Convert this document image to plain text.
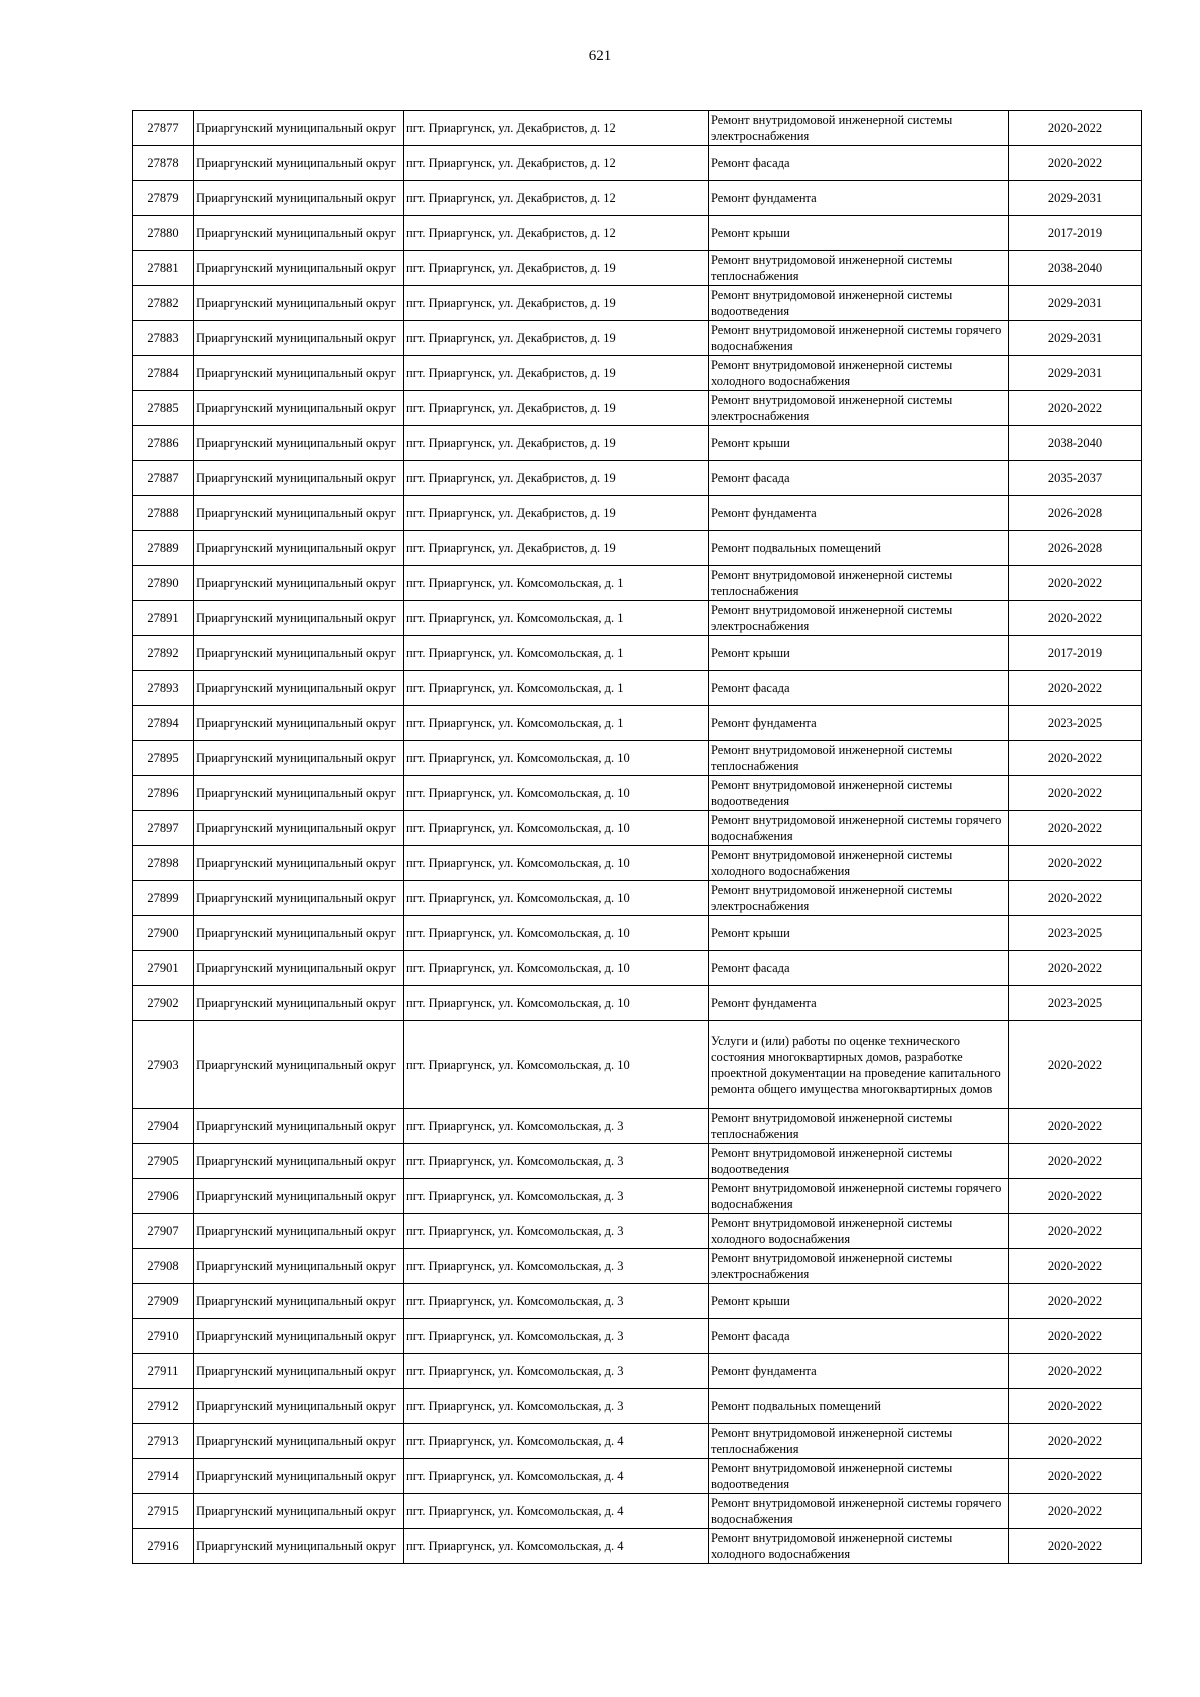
621
27877	Приаргунский муниципальный округ	пгт. Приаргунск, ул. Декабристов, д. 12	Ремонт внутридомовой инженерной системы электроснабжения	2020-2022
27878	Приаргунский муниципальный округ	пгт. Приаргунск, ул. Декабристов, д. 12	Ремонт фасада	2020-2022
27879	Приаргунский муниципальный округ	пгт. Приаргунск, ул. Декабристов, д. 12	Ремонт фундамента	2029-2031
27880	Приаргунский муниципальный округ	пгт. Приаргунск, ул. Декабристов, д. 12	Ремонт крыши	2017-2019
27881	Приаргунский муниципальный округ	пгт. Приаргунск, ул. Декабристов, д. 19	Ремонт внутридомовой инженерной системы теплоснабжения	2038-2040
27882	Приаргунский муниципальный округ	пгт. Приаргунск, ул. Декабристов, д. 19	Ремонт внутридомовой инженерной системы водоотведения	2029-2031
27883	Приаргунский муниципальный округ	пгт. Приаргунск, ул. Декабристов, д. 19	Ремонт внутридомовой инженерной системы горячего водоснабжения	2029-2031
27884	Приаргунский муниципальный округ	пгт. Приаргунск, ул. Декабристов, д. 19	Ремонт внутридомовой инженерной системы холодного водоснабжения	2029-2031
27885	Приаргунский муниципальный округ	пгт. Приаргунск, ул. Декабристов, д. 19	Ремонт внутридомовой инженерной системы электроснабжения	2020-2022
27886	Приаргунский муниципальный округ	пгт. Приаргунск, ул. Декабристов, д. 19	Ремонт крыши	2038-2040
27887	Приаргунский муниципальный округ	пгт. Приаргунск, ул. Декабристов, д. 19	Ремонт фасада	2035-2037
27888	Приаргунский муниципальный округ	пгт. Приаргунск, ул. Декабристов, д. 19	Ремонт фундамента	2026-2028
27889	Приаргунский муниципальный округ	пгт. Приаргунск, ул. Декабристов, д. 19	Ремонт подвальных помещений	2026-2028
27890	Приаргунский муниципальный округ	пгт. Приаргунск, ул. Комсомольская, д. 1	Ремонт внутридомовой инженерной системы теплоснабжения	2020-2022
27891	Приаргунский муниципальный округ	пгт. Приаргунск, ул. Комсомольская, д. 1	Ремонт внутридомовой инженерной системы электроснабжения	2020-2022
27892	Приаргунский муниципальный округ	пгт. Приаргунск, ул. Комсомольская, д. 1	Ремонт крыши	2017-2019
27893	Приаргунский муниципальный округ	пгт. Приаргунск, ул. Комсомольская, д. 1	Ремонт фасада	2020-2022
27894	Приаргунский муниципальный округ	пгт. Приаргунск, ул. Комсомольская, д. 1	Ремонт фундамента	2023-2025
27895	Приаргунский муниципальный округ	пгт. Приаргунск, ул. Комсомольская, д. 10	Ремонт внутридомовой инженерной системы теплоснабжения	2020-2022
27896	Приаргунский муниципальный округ	пгт. Приаргунск, ул. Комсомольская, д. 10	Ремонт внутридомовой инженерной системы водоотведения	2020-2022
27897	Приаргунский муниципальный округ	пгт. Приаргунск, ул. Комсомольская, д. 10	Ремонт внутридомовой инженерной системы горячего водоснабжения	2020-2022
27898	Приаргунский муниципальный округ	пгт. Приаргунск, ул. Комсомольская, д. 10	Ремонт внутридомовой инженерной системы холодного водоснабжения	2020-2022
27899	Приаргунский муниципальный округ	пгт. Приаргунск, ул. Комсомольская, д. 10	Ремонт внутридомовой инженерной системы электроснабжения	2020-2022
27900	Приаргунский муниципальный округ	пгт. Приаргунск, ул. Комсомольская, д. 10	Ремонт крыши	2023-2025
27901	Приаргунский муниципальный округ	пгт. Приаргунск, ул. Комсомольская, д. 10	Ремонт фасада	2020-2022
27902	Приаргунский муниципальный округ	пгт. Приаргунск, ул. Комсомольская, д. 10	Ремонт фундамента	2023-2025
27903	Приаргунский муниципальный округ	пгт. Приаргунск, ул. Комсомольская, д. 10	Услуги и (или) работы по оценке технического состояния многоквартирных домов, разработке проектной документации на проведение капитального ремонта общего имущества многоквартирных домов	2020-2022
27904	Приаргунский муниципальный округ	пгт. Приаргунск, ул. Комсомольская, д. 3	Ремонт внутридомовой инженерной системы теплоснабжения	2020-2022
27905	Приаргунский муниципальный округ	пгт. Приаргунск, ул. Комсомольская, д. 3	Ремонт внутридомовой инженерной системы водоотведения	2020-2022
27906	Приаргунский муниципальный округ	пгт. Приаргунск, ул. Комсомольская, д. 3	Ремонт внутридомовой инженерной системы горячего водоснабжения	2020-2022
27907	Приаргунский муниципальный округ	пгт. Приаргунск, ул. Комсомольская, д. 3	Ремонт внутридомовой инженерной системы холодного водоснабжения	2020-2022
27908	Приаргунский муниципальный округ	пгт. Приаргунск, ул. Комсомольская, д. 3	Ремонт внутридомовой инженерной системы электроснабжения	2020-2022
27909	Приаргунский муниципальный округ	пгт. Приаргунск, ул. Комсомольская, д. 3	Ремонт крыши	2020-2022
27910	Приаргунский муниципальный округ	пгт. Приаргунск, ул. Комсомольская, д. 3	Ремонт фасада	2020-2022
27911	Приаргунский муниципальный округ	пгт. Приаргунск, ул. Комсомольская, д. 3	Ремонт фундамента	2020-2022
27912	Приаргунский муниципальный округ	пгт. Приаргунск, ул. Комсомольская, д. 3	Ремонт подвальных помещений	2020-2022
27913	Приаргунский муниципальный округ	пгт. Приаргунск, ул. Комсомольская, д. 4	Ремонт внутридомовой инженерной системы теплоснабжения	2020-2022
27914	Приаргунский муниципальный округ	пгт. Приаргунск, ул. Комсомольская, д. 4	Ремонт внутридомовой инженерной системы водоотведения	2020-2022
27915	Приаргунский муниципальный округ	пгт. Приаргунск, ул. Комсомольская, д. 4	Ремонт внутридомовой инженерной системы горячего водоснабжения	2020-2022
27916	Приаргунский муниципальный округ	пгт. Приаргунск, ул. Комсомольская, д. 4	Ремонт внутридомовой инженерной системы холодного водоснабжения	2020-2022
